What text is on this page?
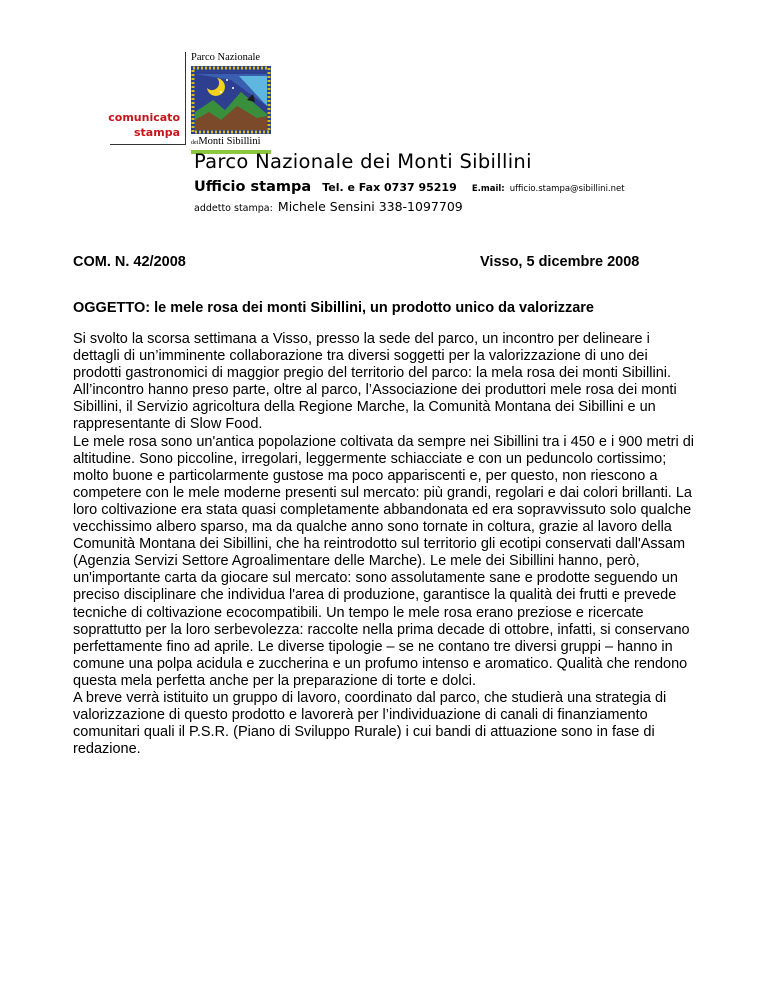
comunicato
stampa
Parco Nazionale
deiMonti Sibillini
Parco Nazionale dei Monti Sibillini
Ufficio stampa Tel. e Fax 0737 95219 E.mail: ufficio.stampa@sibillini.net
addetto stampa: Michele Sensini 338-1097709
COM. N. 42/2008	Visso, 5 dicembre 2008
OGGETTO: le mele rosa dei monti Sibillini, un prodotto unico da valorizzare

Si svolto la scorsa settimana a Visso, presso la sede del parco, un incontro per delineare i dettagli di un’imminente collaborazione tra diversi soggetti per la valorizzazione di uno dei prodotti gastronomici di maggior pregio del territorio del parco: la mela rosa dei monti Sibillini. All’incontro hanno preso parte, oltre al parco, l’Associazione dei produttori mele rosa dei monti Sibillini, il Servizio agricoltura della Regione Marche, la Comunità Montana dei Sibillini e un rappresentante di Slow Food.

Le mele rosa sono un'antica popolazione coltivata da sempre nei Sibillini tra i 450 e i 900 metri di altitudine. Sono piccoline, irregolari, leggermente schiacciate e con un peduncolo cortissimo; molto buone e particolarmente gustose ma poco appariscenti e, per questo, non riescono a competere con le mele moderne presenti sul mercato: più grandi, regolari e dai colori brillanti. La loro coltivazione era stata quasi completamente abbandonata ed era sopravvissuto solo qualche vecchissimo albero sparso, ma da qualche anno sono tornate in coltura, grazie al lavoro della Comunità Montana dei Sibillini, che ha reintrodotto sul territorio gli ecotipi conservati dall'Assam (Agenzia Servizi Settore Agroalimentare delle Marche). Le mele dei Sibillini hanno, però, un'importante carta da giocare sul mercato: sono assolutamente sane e prodotte seguendo un preciso disciplinare che individua l'area di produzione, garantisce la qualità dei frutti e prevede tecniche di coltivazione ecocompatibili. Un tempo le mele rosa erano preziose e ricercate soprattutto per la loro serbevolezza: raccolte nella prima decade di ottobre, infatti, si conservano perfettamente fino ad aprile. Le diverse tipologie – se ne contano tre diversi gruppi – hanno in comune una polpa acidula e zuccherina e un profumo intenso e aromatico. Qualità che rendono questa mela perfetta anche per la preparazione di torte e dolci.

A breve verrà istituito un gruppo di lavoro, coordinato dal parco, che studierà una strategia di valorizzazione di questo prodotto e lavorerà per l’individuazione di canali di finanziamento comunitari quali il P.S.R. (Piano di Sviluppo Rurale) i cui bandi di attuazione sono in fase di redazione.
